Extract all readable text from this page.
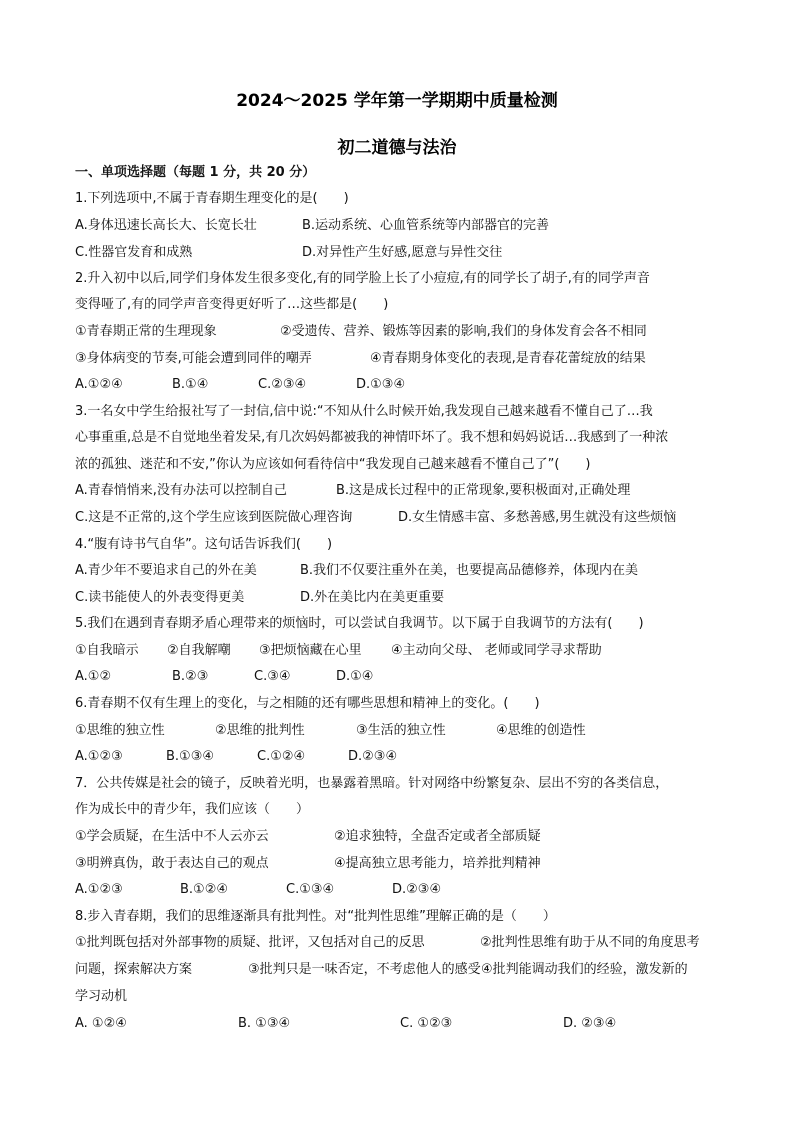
2024～2025 学年第一学期期中质量检测
初二道德与法治
一、单项选择题（每题 1 分，共 20 分）
1.下列选项中,不属于青春期生理变化的是(　　)
A.身体迅速长高长大、长宽长壮	B.运动系统、心血管系统等内部器官的完善
C.性器官发育和成熟	D.对异性产生好感,愿意与异性交往
2.升入初中以后,同学们身体发生很多变化,有的同学脸上长了小痘痘,有的同学长了胡子,有的同学声音
变得哑了,有的同学声音变得更好听了…这些都是(　　)
①青春期正常的生理现象	②受遗传、营养、锻炼等因素的影响,我们的身体发育会各不相同
③身体病变的节奏,可能会遭到同伴的嘲弄	④青春期身体变化的表现,是青春花蕾绽放的结果
A.①②④	B.①④	C.②③④	D.①③④
3.一名女中学生给报社写了一封信,信中说:“不知从什么时候开始,我发现自己越来越看不懂自己了…我
心事重重,总是不自觉地坐着发呆,有几次妈妈都被我的神情吓坏了。我不想和妈妈说话…我感到了一种浓
浓的孤独、迷茫和不安,”你认为应该如何看待信中“我发现自己越来越看不懂自己了”(　　)
A.青春悄悄来,没有办法可以控制自己	B.这是成长过程中的正常现象,要积极面对,正确处理
C.这是不正常的,这个学生应该到医院做心理咨询	D.女生情感丰富、多愁善感,男生就没有这些烦恼
4.“腹有诗书气自华”。这句话告诉我们(　　)
A.青少年不要追求自己的外在美	B.我们不仅要注重外在美，也要提高品德修养，体现内在美
C.读书能使人的外表变得更美	D.外在美比内在美更重要
5.我们在遇到青春期矛盾心理带来的烦恼时，可以尝试自我调节。以下属于自我调节的方法有(　　)
①自我暗示 ②自我解嘲 ③把烦恼藏在心里 ④主动向父母、 老师或同学寻求帮助
A.①②	B.②③	C.③④	D.①④
6.青春期不仅有生理上的变化，与之相随的还有哪些思想和精神上的变化。(　　)
①思维的独立性	②思维的批判性	③生活的独立性	④思维的创造性
A.①②③	B.①③④	C.①②④	D.②③④
7．公共传媒是社会的镜子，反映着光明，也暴露着黑暗。针对网络中纷繁复杂、层出不穷的各类信息，
作为成长中的青少年，我们应该（　　）
①学会质疑，在生活中不人云亦云	②追求独特，全盘否定或者全部质疑
③明辨真伪，敢于表达自己的观点	④提高独立思考能力，培养批判精神
A.①②③	B.①②④	C.①③④	D.②③④
8.步入青春期，我们的思维逐渐具有批判性。对“批判性思维”理解正确的是（　　）
①批判既包括对外部事物的质疑、批评，又包括对自己的反思	②批判性思维有助于从不同的角度思考
问题，探索解决方案	③批判只是一味否定，不考虑他人的感受 ④批判能调动我们的经验，激发新的
学习动机
A. ①②④	B. ①③④	C. ①②③	D. ②③④
